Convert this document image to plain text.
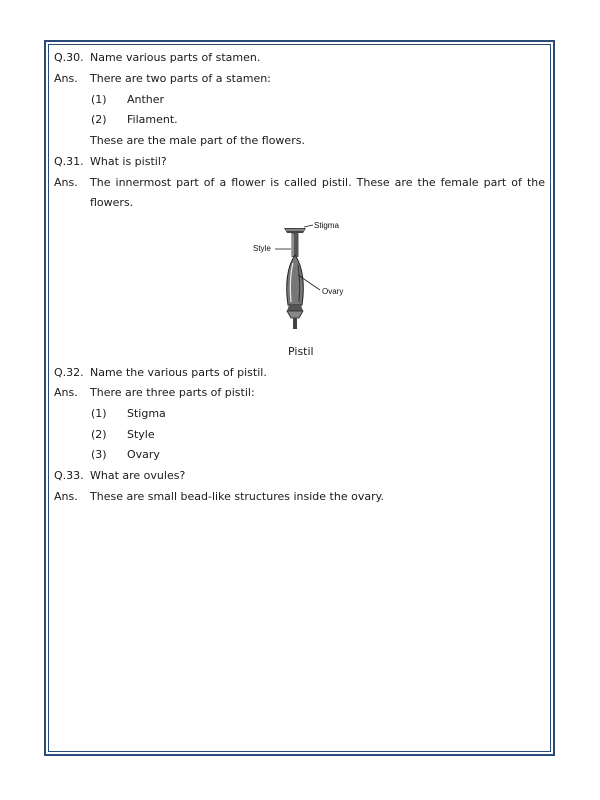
Q.30. Name various parts of stamen.
Ans. There are two parts of a stamen:
(1) Anther
(2) Filament.
These are the male part of the flowers.
Q.31. What is pistil?
Ans. The innermost part of a flower is called pistil. These are the female part of the
flowers.
Stigma
Style
Ovary
Pistil
Q.32. Name the various parts of pistil.
Ans. There are three parts of pistil:
(1) Stigma
(2) Style
(3) Ovary
Q.33. What are ovules?
Ans. These are small bead-like structures inside the ovary.
